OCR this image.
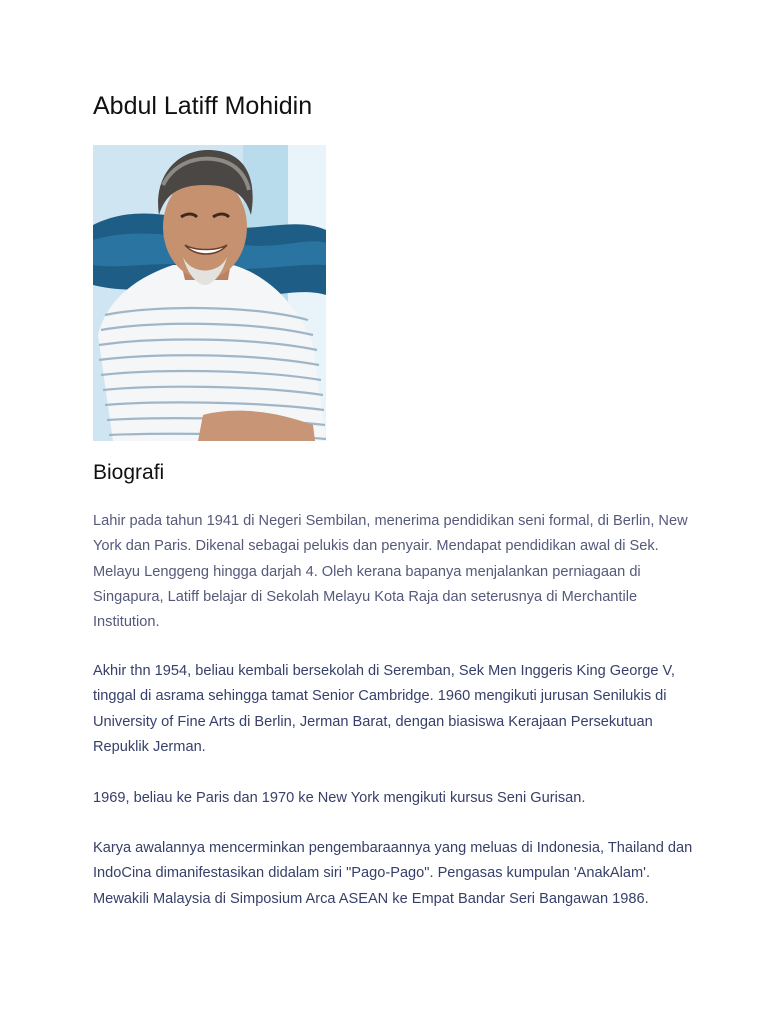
Abdul Latiff Mohidin
Biografi

Lahir pada tahun 1941 di Negeri Sembilan, menerima pendidikan seni formal, di Berlin, New York dan Paris. Dikenal sebagai pelukis dan penyair. Mendapat pendidikan awal di Sek. Melayu Lenggeng hingga darjah 4. Oleh kerana bapanya menjalankan perniagaan di Singapura, Latiff belajar di Sekolah Melayu Kota Raja dan seterusnya di Merchantile Institution.

Akhir thn 1954, beliau kembali bersekolah di Seremban, Sek Men Inggeris King George V, tinggal di asrama sehingga tamat Senior Cambridge. 1960 mengikuti jurusan Senilukis di University of Fine Arts di Berlin, Jerman Barat, dengan biasiswa Kerajaan Persekutuan Repuklik Jerman.

1969, beliau ke Paris dan 1970 ke New York mengikuti kursus Seni Gurisan.

Karya awalannya mencerminkan pengembaraannya yang meluas di Indonesia, Thailand dan IndoCina dimanifestasikan didalam siri "Pago-Pago". Pengasas kumpulan 'AnakAlam'. Mewakili Malaysia di Simposium Arca ASEAN ke Empat Bandar Seri Bangawan 1986.
